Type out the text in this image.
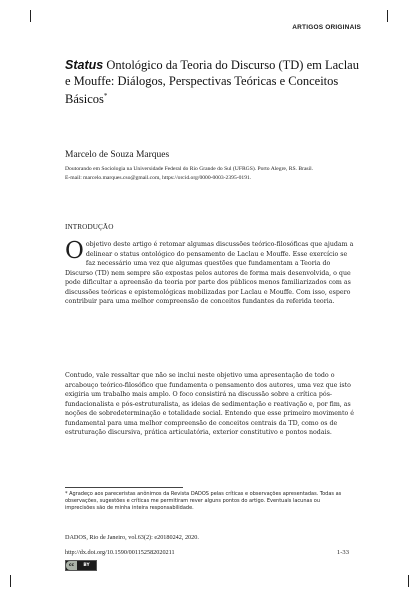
ARTIGOS ORIGINAIS
Status Ontológico da Teoria do Discurso (TD) em Laclau e Mouffe: Diálogos, Perspectivas Teóricas e Conceitos Básicos*
Marcelo de Souza Marques
Doutorando em Sociologia na Universidade Federal do Rio Grande do Sul (UFRGS). Porto Alegre, RS. Brasil.
E-mail: marcelo.marques.cso@gmail.com, https://orcid.org/0000-0003-2395-0191.
INTRODUÇÃO
Oobjetivo deste artigo é retomar algumas discussões teórico-filosóficas que ajudam a delinear o status ontológico do pensamento de Laclau e Mouffe. Esse exercício se faz necessário uma vez que algumas questões que fundamentam a Teoria do Discurso (TD) nem sempre são expostas pelos autores de forma mais desenvolvida, o que pode dificultar a apreensão da teoria por parte dos públicos menos familiarizados com as discussões teóricas e epistemológicas mobilizadas por Laclau e Mouffe. Com isso, espero contribuir para uma melhor compreensão de conceitos fundantes da referida teoria.
Contudo, vale ressaltar que não se inclui neste objetivo uma apresentação de todo o arcabouço teórico-filosófico que fundamenta o pensamento dos autores, uma vez que isto exigiria um trabalho mais amplo. O foco consistirá na discussão sobre a crítica pós-fundacionalista e pós-estruturalista, as ideias de sedimentação e reativação e, por fim, as noções de sobredeterminação e totalidade social. Entendo que esse primeiro movimento é fundamental para uma melhor compreensão de conceitos centrais da TD, como os de estruturação discursiva, prática articulatória, exterior constitutivo e pontos nodais.
* Agradeço aos pareceristas anônimos da Revista DADOS pelas críticas e observações apresentadas. Todas as observações, sugestões e críticas me permitiram rever alguns pontos do artigo. Eventuais lacunas ou imprecisões são de minha inteira responsabilidade.
DADOS, Rio de Janeiro, vol.63(2): e20180242, 2020.
http://dx.doi.org/10.1590/001152582020211	1-33
cc	BY
